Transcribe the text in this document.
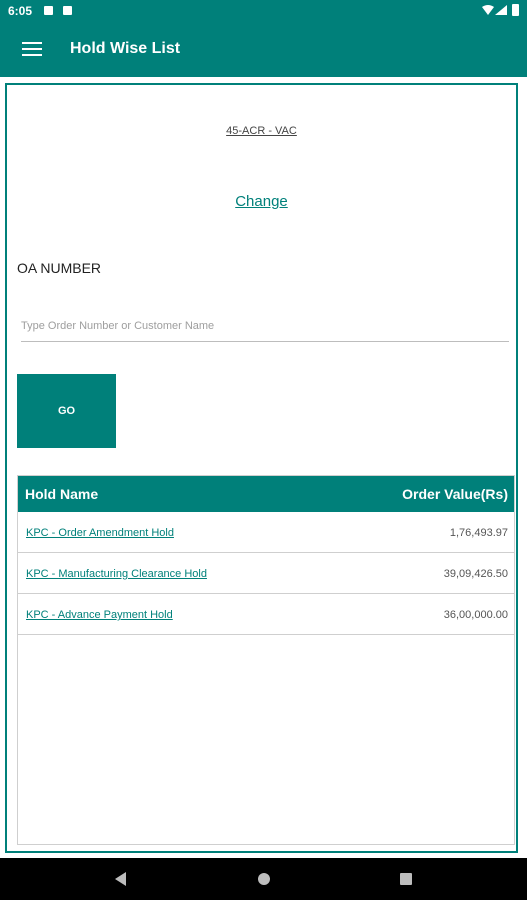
6:05
Hold Wise List
45-ACR - VAC
Change
OA NUMBER
Type Order Number or Customer Name
GO
Hold Name	Order Value(Rs)
KPC - Order Amendment Hold	1,76,493.97
KPC - Manufacturing Clearance Hold	39,09,426.50
KPC - Advance Payment Hold	36,00,000.00
